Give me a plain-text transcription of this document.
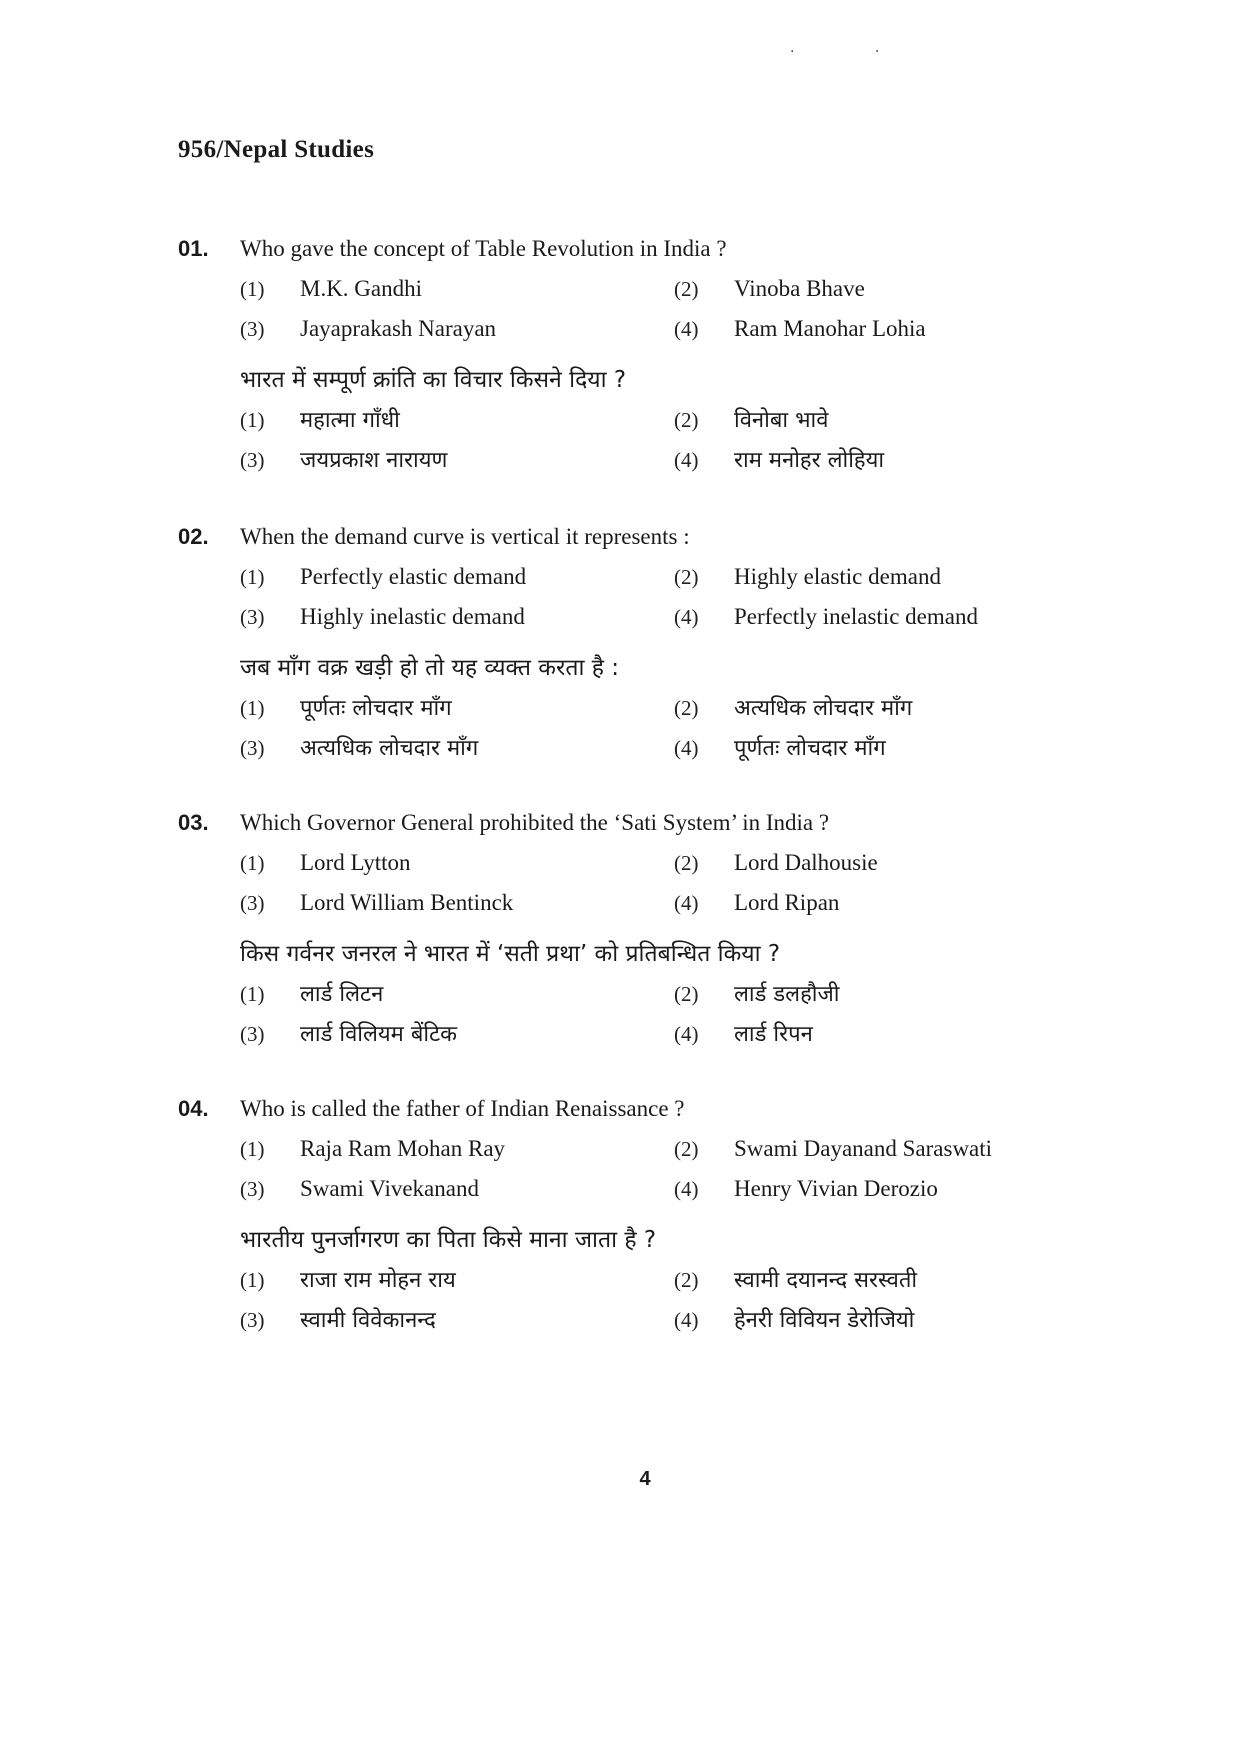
. .
956/Nepal Studies
01.	Who gave the concept of Table Revolution in India ?
(1)	M.K. Gandhi	(2)	Vinoba Bhave
(3)	Jayaprakash Narayan	(4)	Ram Manohar Lohia
भारत में सम्पूर्ण क्रांति का विचार किसने दिया ?
(1)	महात्मा गाँधी	(2)	विनोबा भावे
(3)	जयप्रकाश नारायण	(4)	राम मनोहर लोहिया
02.	When the demand curve is vertical it represents :
(1)	Perfectly elastic demand	(2)	Highly elastic demand
(3)	Highly inelastic demand	(4)	Perfectly inelastic demand
जब माँग वक्र खड़ी हो तो यह व्यक्त करता है :
(1)	पूर्णतः लोचदार माँग	(2)	अत्यधिक लोचदार माँग
(3)	अत्यधिक लोचदार माँग	(4)	पूर्णतः लोचदार माँग
03.	Which Governor General prohibited the ‘Sati System’ in India ?
(1)	Lord Lytton	(2)	Lord Dalhousie
(3)	Lord William Bentinck	(4)	Lord Ripan
किस गर्वनर जनरल ने भारत में ‘सती प्रथा’ को प्रतिबन्धित किया ?
(1)	लार्ड लिटन	(2)	लार्ड डलहौजी
(3)	लार्ड विलियम बेंटिक	(4)	लार्ड रिपन
04.	Who is called the father of Indian Renaissance ?
(1)	Raja Ram Mohan Ray	(2)	Swami Dayanand Saraswati
(3)	Swami Vivekanand	(4)	Henry Vivian Derozio
भारतीय पुनर्जागरण का पिता किसे माना जाता है ?
(1)	राजा राम मोहन राय	(2)	स्वामी दयानन्द सरस्वती
(3)	स्वामी विवेकानन्द	(4)	हेनरी विवियन डेरोजियो
4
